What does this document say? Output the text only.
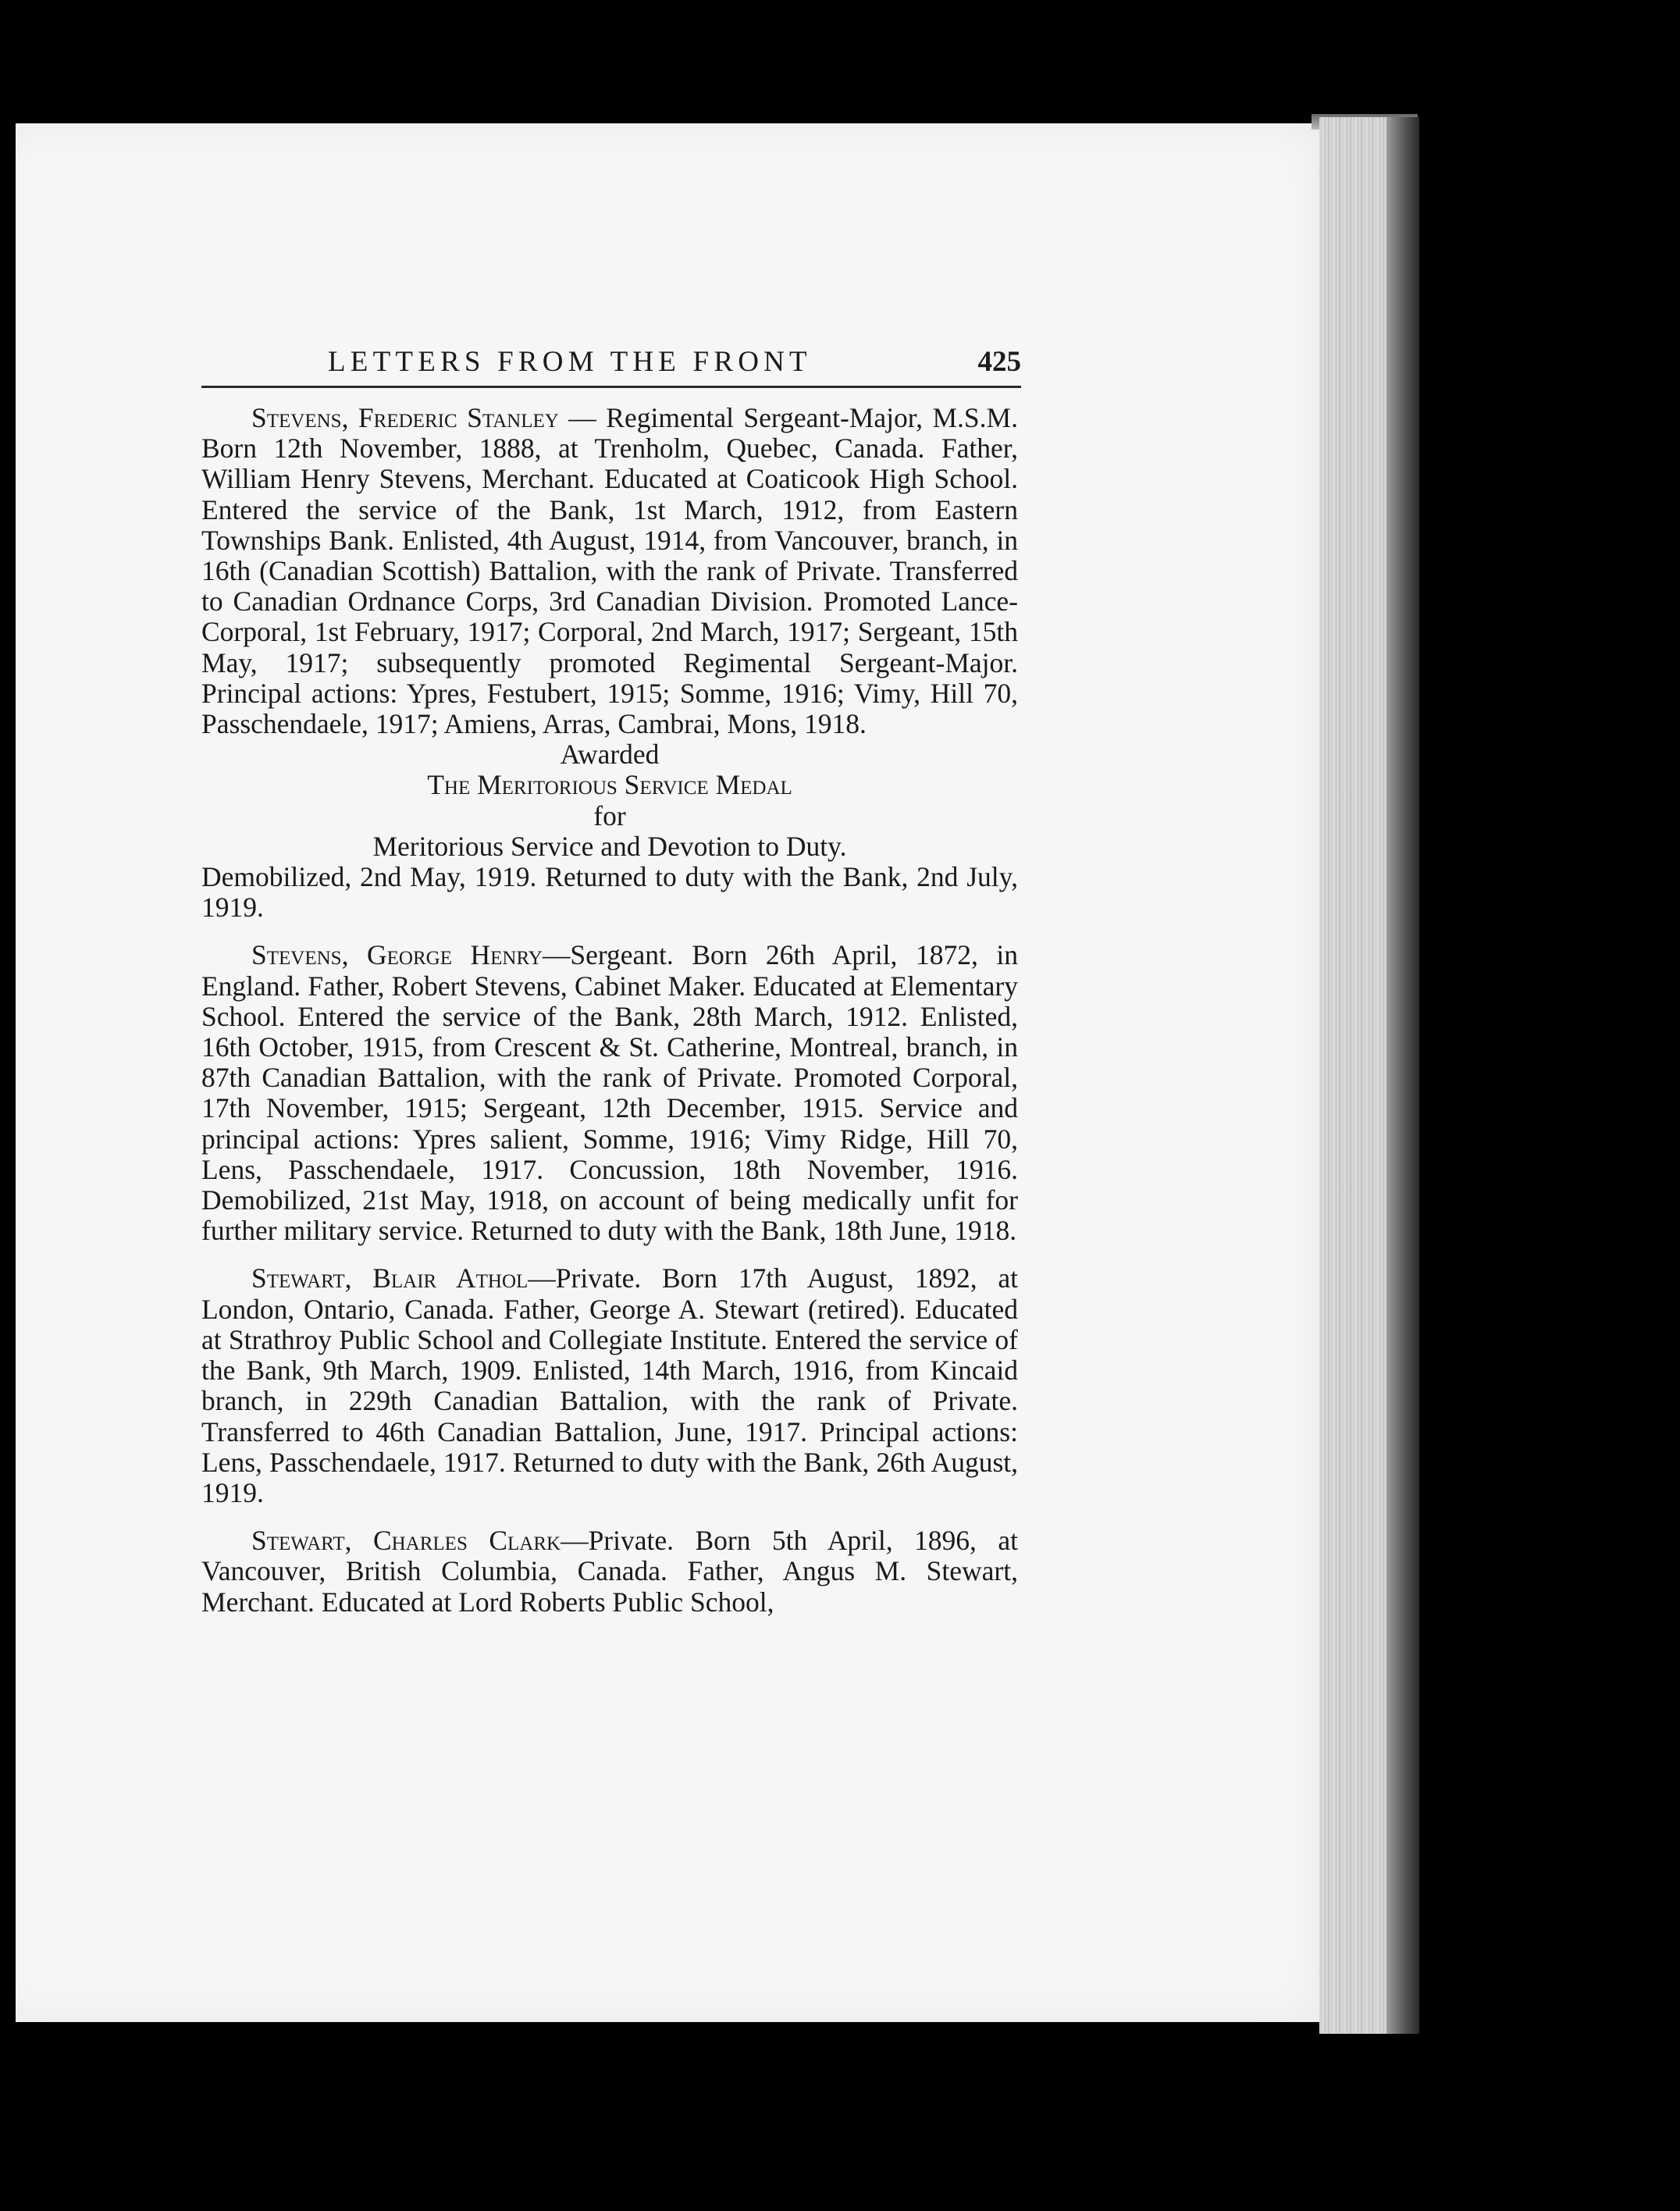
LETTERS FROM THE FRONT	425

Stevens, Frederic Stanley — Regimental Sergeant-Major, M.S.M. Born 12th November, 1888, at Trenholm, Quebec, Canada. Father, William Henry Stevens, Merchant. Educated at Coaticook High School. Entered the service of the Bank, 1st March, 1912, from Eastern Townships Bank. Enlisted, 4th August, 1914, from Vancouver, branch, in 16th (Canadian Scottish) Battalion, with the rank of Private. Transferred to Canadian Ordnance Corps, 3rd Canadian Division. Promoted Lance-Corporal, 1st February, 1917; Corporal, 2nd March, 1917; Sergeant, 15th May, 1917; subsequently promoted Regimental Sergeant-Major. Principal actions: Ypres, Festubert, 1915; Somme, 1916; Vimy, Hill 70, Passchendaele, 1917; Amiens, Arras, Cambrai, Mons, 1918.

Awarded

The Meritorious Service Medal

for

Meritorious Service and Devotion to Duty.

Demobilized, 2nd May, 1919. Returned to duty with the Bank, 2nd July, 1919.

Stevens, George Henry—Sergeant. Born 26th April, 1872, in England. Father, Robert Stevens, Cabinet Maker. Educated at Elementary School. Entered the service of the Bank, 28th March, 1912. Enlisted, 16th October, 1915, from Crescent & St. Catherine, Montreal, branch, in 87th Canadian Battalion, with the rank of Private. Promoted Corporal, 17th November, 1915; Sergeant, 12th December, 1915. Service and principal actions: Ypres salient, Somme, 1916; Vimy Ridge, Hill 70, Lens, Passchendaele, 1917. Concussion, 18th November, 1916. Demobilized, 21st May, 1918, on account of being medically unfit for further military service. Returned to duty with the Bank, 18th June, 1918.

Stewart, Blair Athol—Private. Born 17th August, 1892, at London, Ontario, Canada. Father, George A. Stewart (retired). Educated at Strathroy Public School and Collegiate Institute. Entered the service of the Bank, 9th March, 1909. Enlisted, 14th March, 1916, from Kincaid branch, in 229th Canadian Battalion, with the rank of Private. Transferred to 46th Canadian Battalion, June, 1917. Principal actions: Lens, Passchendaele, 1917. Returned to duty with the Bank, 26th August, 1919.

Stewart, Charles Clark—Private. Born 5th April, 1896, at Vancouver, British Columbia, Canada. Father, Angus M. Stewart, Merchant. Educated at Lord Roberts Public School,
